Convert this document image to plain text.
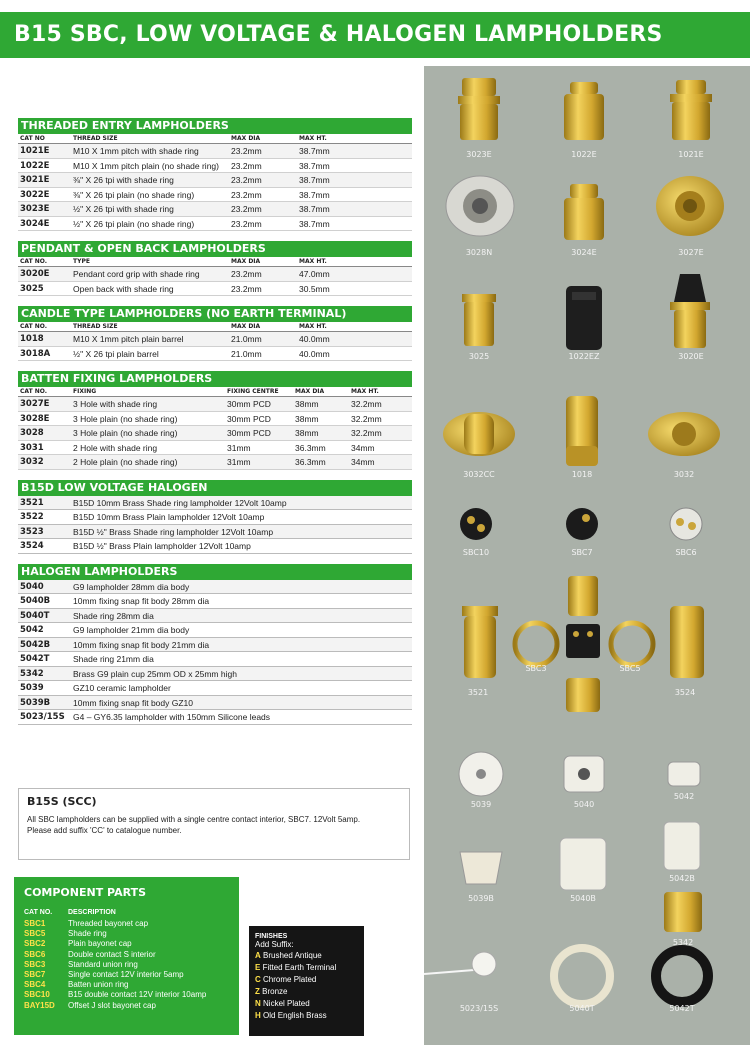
B15 SBC, LOW VOLTAGE & HALOGEN LAMPHOLDERS
THREADED ENTRY LAMPHOLDERS
CAT NO	THREAD SIZE	MAX DIA	MAX HT.
1021E	M10 X 1mm pitch with shade ring	23.2mm	38.7mm
1022E	M10 X 1mm pitch plain (no shade ring)	23.2mm	38.7mm
3021E	⅜" X 26 tpi with shade ring	23.2mm	38.7mm
3022E	⅜" X 26 tpi plain (no shade ring)	23.2mm	38.7mm
3023E	½" X 26 tpi with shade ring	23.2mm	38.7mm
3024E	½" X 26 tpi plain (no shade ring)	23.2mm	38.7mm
PENDANT & OPEN BACK LAMPHOLDERS
CAT NO.	TYPE	MAX DIA	MAX HT.
3020E	Pendant cord grip with shade ring	23.2mm	47.0mm
3025	Open back with shade ring	23.2mm	30.5mm
CANDLE TYPE LAMPHOLDERS (NO EARTH TERMINAL)
CAT NO.	THREAD SIZE	MAX DIA	MAX HT.
1018	M10 X 1mm pitch plain barrel	21.0mm	40.0mm
3018A	½" X 26 tpi plain barrel	21.0mm	40.0mm
BATTEN FIXING LAMPHOLDERS
CAT NO.	FIXING	FIXING CENTRE	MAX DIA	MAX HT.
3027E	3 Hole with shade ring	30mm PCD	38mm	32.2mm
3028E	3 Hole plain (no shade ring)	30mm PCD	38mm	32.2mm
3028	3 Hole plain (no shade ring)	30mm PCD	38mm	32.2mm
3031	2 Hole with shade ring	31mm	36.3mm	34mm
3032	2 Hole plain (no shade ring)	31mm	36.3mm	34mm
B15D LOW VOLTAGE HALOGEN
3521	B15D 10mm Brass Shade ring lampholder 12Volt 10amp
3522	B15D 10mm Brass Plain lampholder 12Volt 10amp
3523	B15D ½" Brass Shade ring lampholder 12Volt 10amp
3524	B15D ½" Brass Plain lampholder 12Volt 10amp
HALOGEN LAMPHOLDERS
5040	G9 lampholder 28mm dia body
5040B	10mm fixing snap fit body 28mm dia
5040T	Shade ring 28mm dia
5042	G9 lampholder 21mm dia body
5042B	10mm fixing snap fit body 21mm dia
5042T	Shade ring 21mm dia
5342	Brass G9 plain cup 25mm OD x 25mm high
5039	GZ10 ceramic lampholder
5039B	10mm fixing snap fit body GZ10
5023/15S G4 – GY6.35 lampholder with 150mm Silicone leads
B15S (SCC)
All SBC lampholders can be supplied with a single centre contact interior, SBC7. 12Volt 5amp.
Please add suffix 'CC' to catalogue number.
COMPONENT PARTS
CAT NO.	DESCRIPTION
SBC1	Threaded bayonet cap
SBC5	Shade ring
SBC2	Plain bayonet cap
SBC6	Double contact S interior
SBC3	Standard union ring
SBC7	Single contact 12V interior 5amp
SBC4	Batten union ring
SBC10	B15 double contact 12V interior 10amp
BAY15D	Offset J slot bayonet cap
FINISHES
Add Suffix:
A Brushed Antique
E Fitted Earth Terminal
C Chrome Plated
Z Bronze
N Nickel Plated
H Old English Brass
3023E	1022E	1021E
3028N	3024E	3027E
3025	1022EZ	3020E
3032CC	1018	3032
SBC10	SBC7	SBC6
SBC3	SBC5
3521	3524
5039	5040
5042
5039B	5040B
5042B
5342
5023/15S	5040T	5042T
